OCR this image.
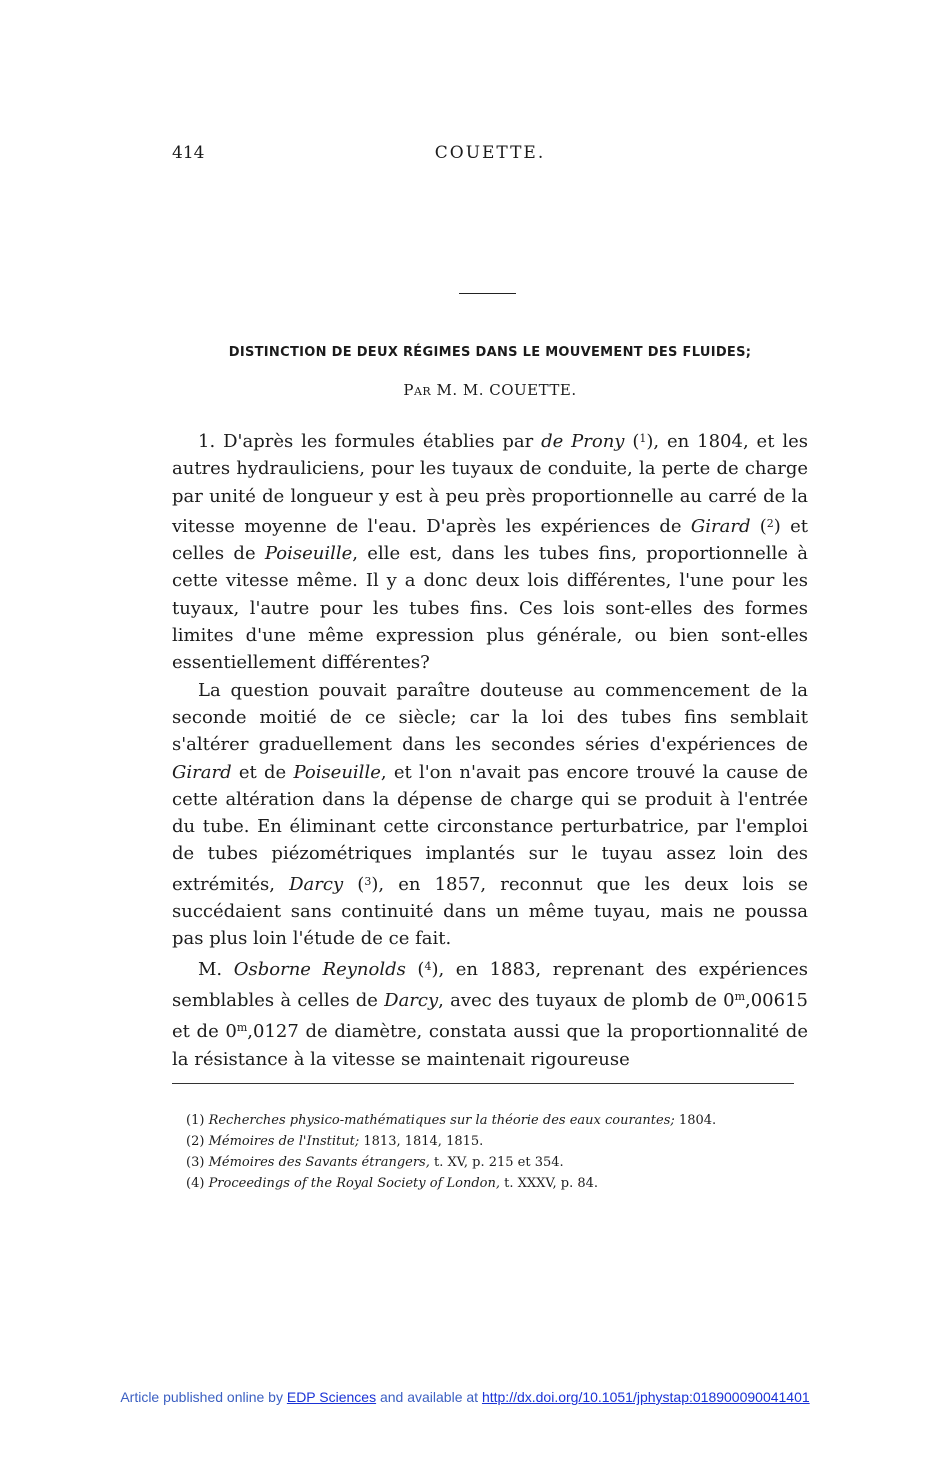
414	COUETTE.
DISTINCTION DE DEUX RÉGIMES DANS LE MOUVEMENT DES FLUIDES;
Par M. M. COUETTE.

1. D'après les formules établies par de Prony ($^1$), en 1804, et les autres hydrauliciens, pour les tuyaux de conduite, la perte de charge par unité de longueur y est à peu près proportionnelle au carré de la vitesse moyenne de l'eau. D'après les expériences de Girard ($^2$) et celles de Poiseuille, elle est, dans les tubes fins, proportionnelle à cette vitesse même. Il y a donc deux lois différentes, l'une pour les tuyaux, l'autre pour les tubes fins. Ces lois sont-elles des formes limites d'une même expression plus générale, ou bien sont-elles essentiellement différentes?

La question pouvait paraître douteuse au commencement de la seconde moitié de ce siècle; car la loi des tubes fins semblait s'altérer graduellement dans les secondes séries d'expériences de Girard et de Poiseuille, et l'on n'avait pas encore trouvé la cause de cette altération dans la dépense de charge qui se produit à l'entrée du tube. En éliminant cette circonstance perturbatrice, par l'emploi de tubes piézométriques implantés sur le tuyau assez loin des extrémités, Darcy ($^3$), en 1857, reconnut que les deux lois se succédaient sans continuité dans un même tuyau, mais ne poussa pas plus loin l'étude de ce fait.

M. Osborne Reynolds ($^4$), en 1883, reprenant des expériences semblables à celles de Darcy, avec des tuyaux de plomb de 0$^m$,00615 et de 0$^m$,0127 de diamètre, constata aussi que la proportionnalité de la résistance à la vitesse se maintenait rigoureuse

(1) Recherches physico-mathématiques sur la théorie des eaux courantes; 1804.
(2) Mémoires de l'Institut; 1813, 1814, 1815.
(3) Mémoires des Savants étrangers, t. XV, p. 215 et 354.
(4) Proceedings of the Royal Society of London, t. XXXV, p. 84.
Article published online by EDP Sciences and available at http://dx.doi.org/10.1051/jphystap:018900090041401
